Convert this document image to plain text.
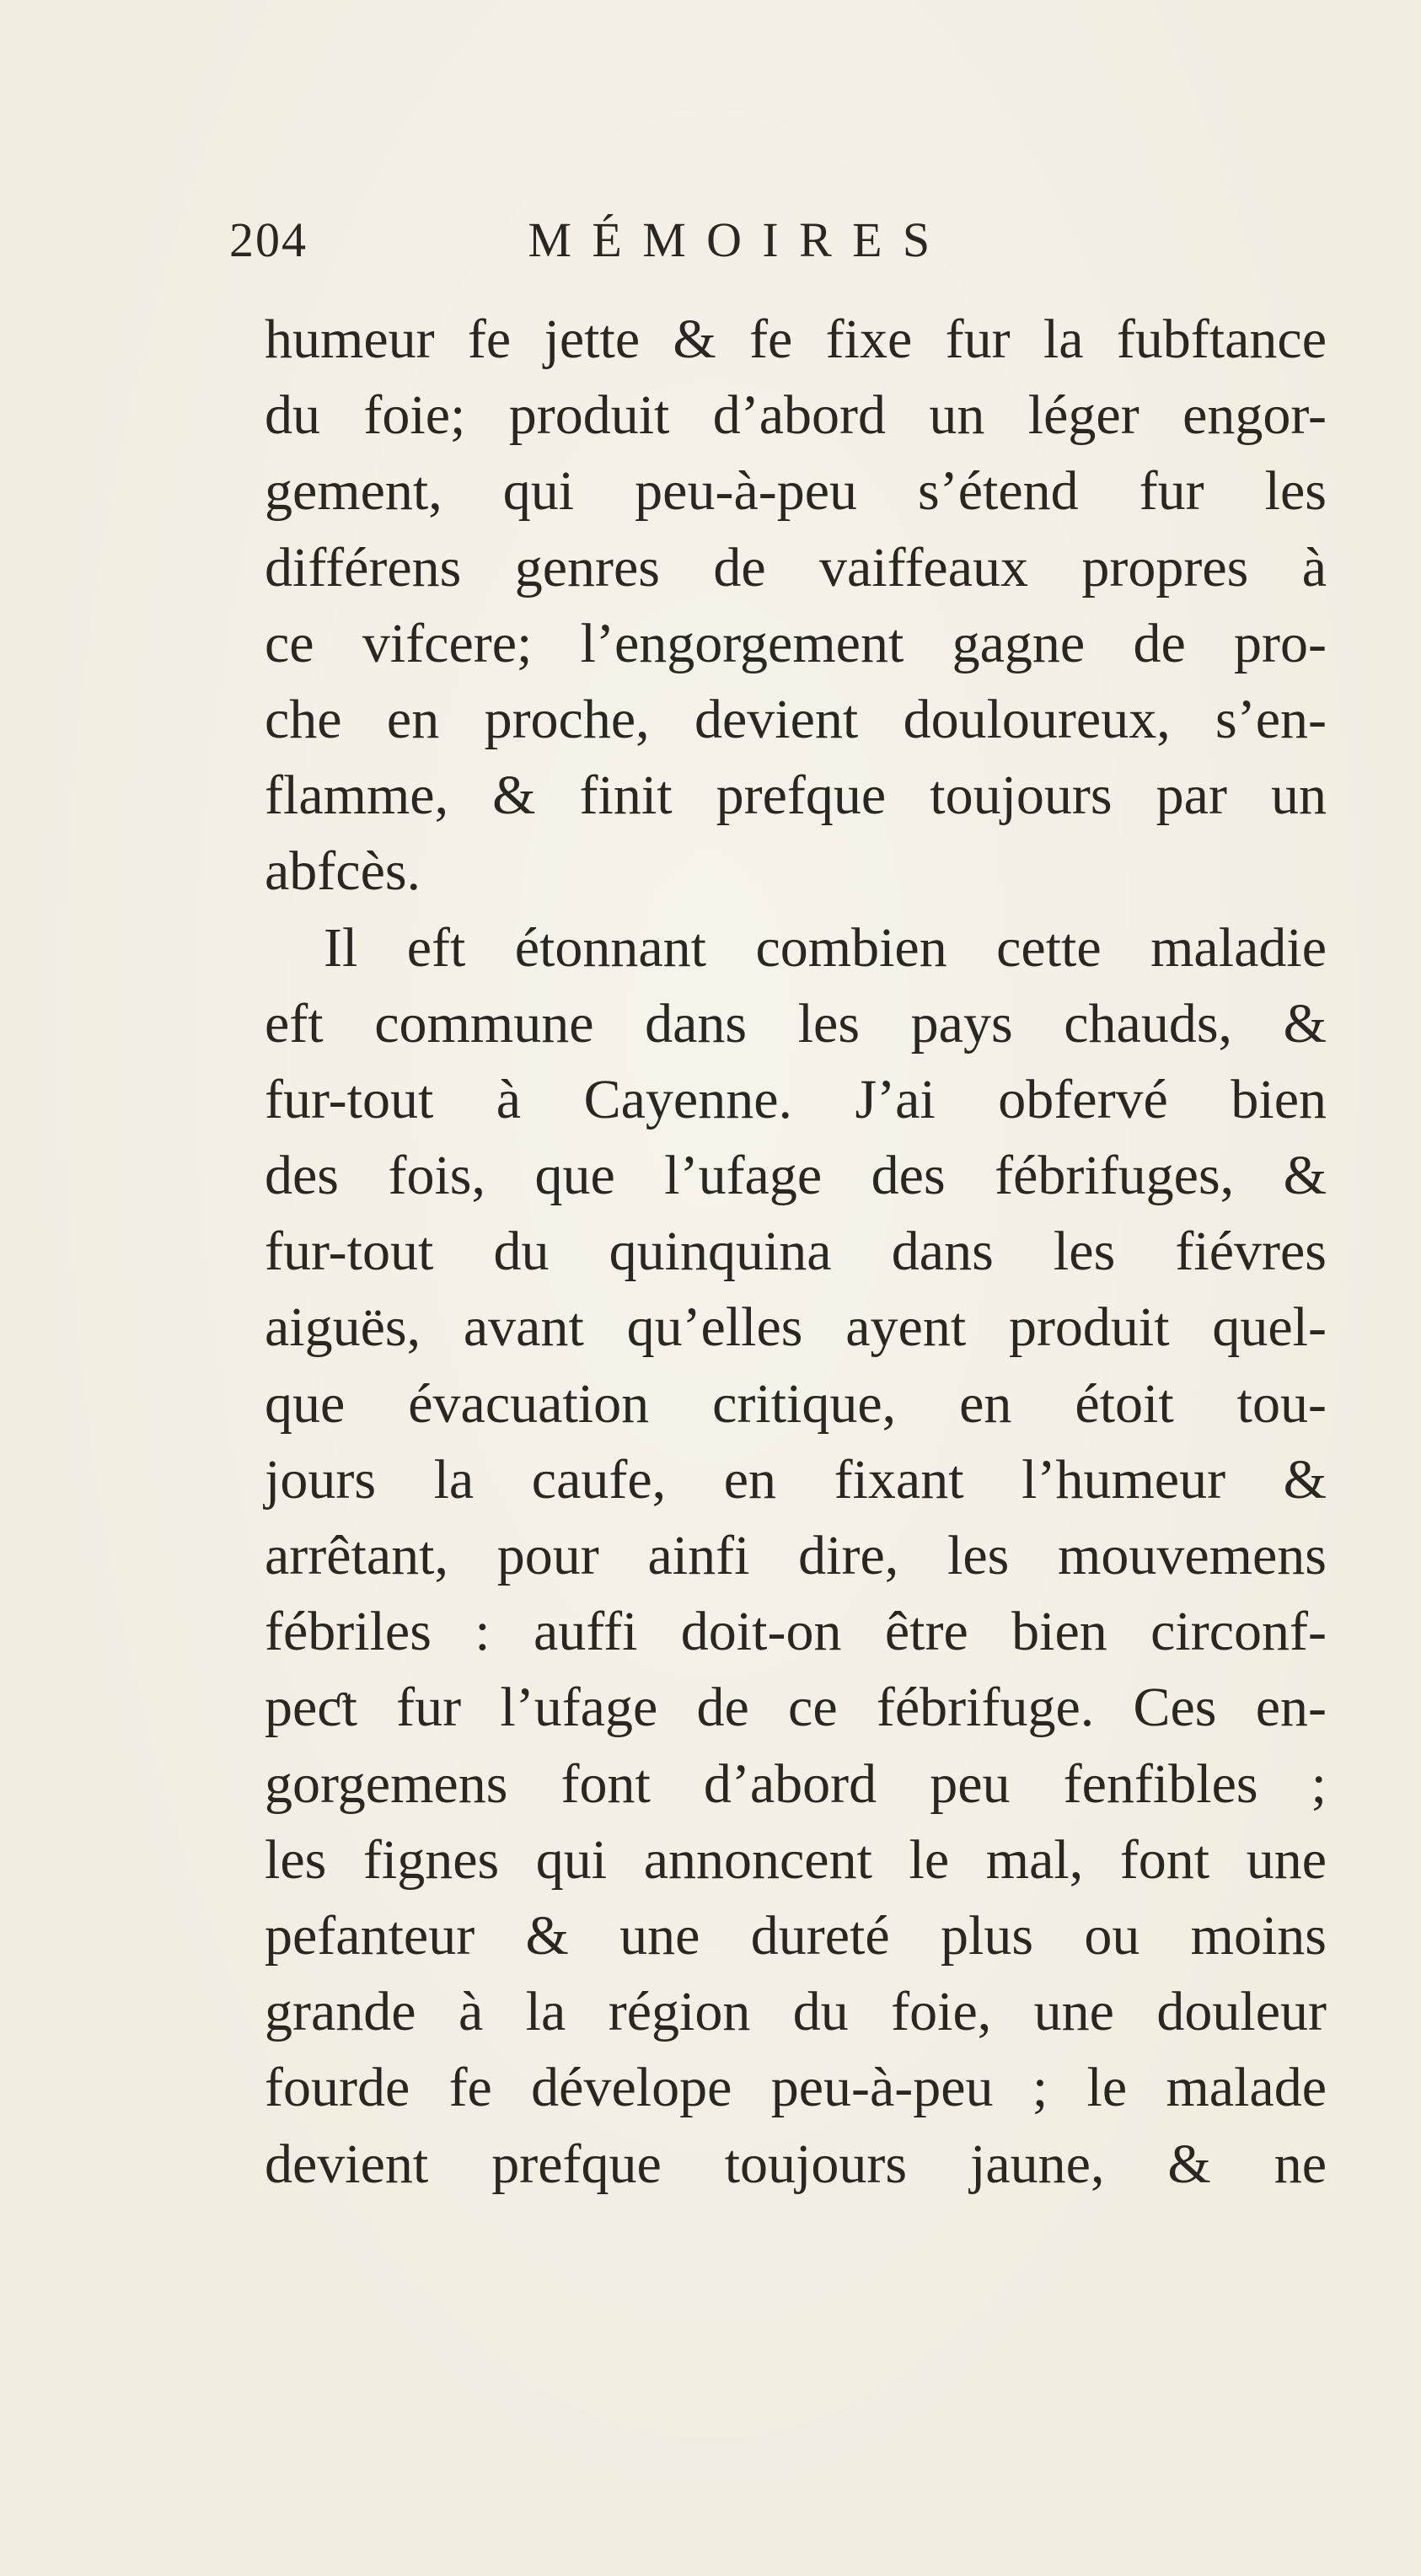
204	MÉMOIRES
humeur fe jette & fe fixe fur la fubftance
du foie; produit d’abord un léger engor-
gement, qui peu-à-peu s’étend fur les
différens genres de vaiffeaux propres à
ce vifcere; l’engorgement gagne de pro-
che en proche, devient douloureux, s’en-
flamme, & finit prefque toujours par un
abfcès.
Il eft étonnant combien cette maladie
eft commune dans les pays chauds, &
fur-tout à Cayenne. J’ai obfervé bien
des fois, que l’ufage des fébrifuges, &
fur-tout du quinquina dans les fiévres
aiguës, avant qu’elles ayent produit quel-
que évacuation critique, en étoit tou-
jours la caufe, en fixant l’humeur &
arrêtant, pour ainfi dire, les mouvemens
fébriles : auffi doit-on être bien circonf-
peƈt fur l’ufage de ce fébrifuge. Ces en-
gorgemens font d’abord peu fenfibles ;
les fignes qui annoncent le mal, font une
pefanteur & une dureté plus ou moins
grande à la région du foie, une douleur
fourde fe dévelope peu-à-peu ; le malade
devient prefque toujours jaune, & ne
